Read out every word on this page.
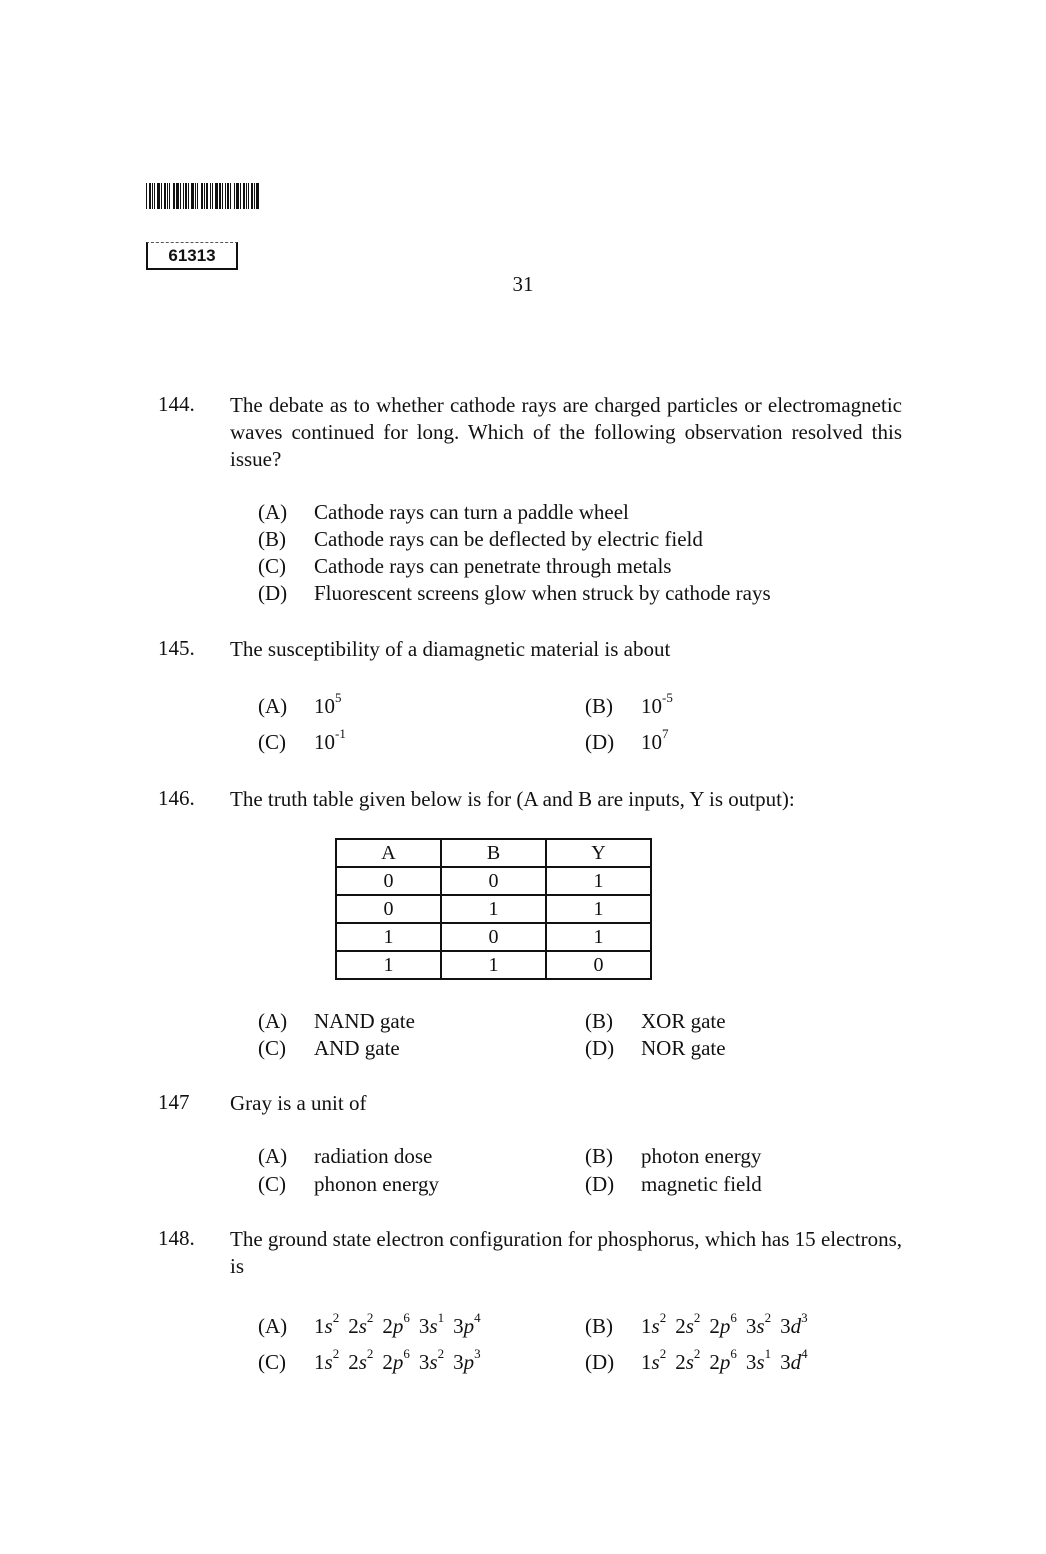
61313
31
144. The debate as to whether cathode rays are charged particles or electromagnetic waves continued for long. Which of the following observation resolved this issue?
(A) Cathode rays can turn a paddle wheel
(B) Cathode rays can be deflected by electric field
(C) Cathode rays can penetrate through metals
(D) Fluorescent screens glow when struck by cathode rays
145. The susceptibility of a diamagnetic material is about
(A) $10^5$	(B) $10^{-5}$
(C) $10^{-1}$	(D) $10^7$
146. The truth table given below is for (A and B are inputs, Y is output):
A	B	Y
0	0	1
0	1	1
1	0	1
1	1	0
(A) NAND gate	(B) XOR gate
(C) AND gate	(D) NOR gate
147 Gray is a unit of
(A) radiation dose	(B) photon energy
(C) phonon energy	(D) magnetic field
148. The ground state electron configuration for phosphorus, which has 15 electrons, is
(A) $1s^2$ $2s^2$ $2p^6$ $3s^1$ $3p^4$	(B) $1s^2$ $2s^2$ $2p^6$ $3s^2$ $3d^3$
(C) $1s^2$ $2s^2$ $2p^6$ $3s^2$ $3p^3$	(D) $1s^2$ $2s^2$ $2p^6$ $3s^1$ $3d^4$
